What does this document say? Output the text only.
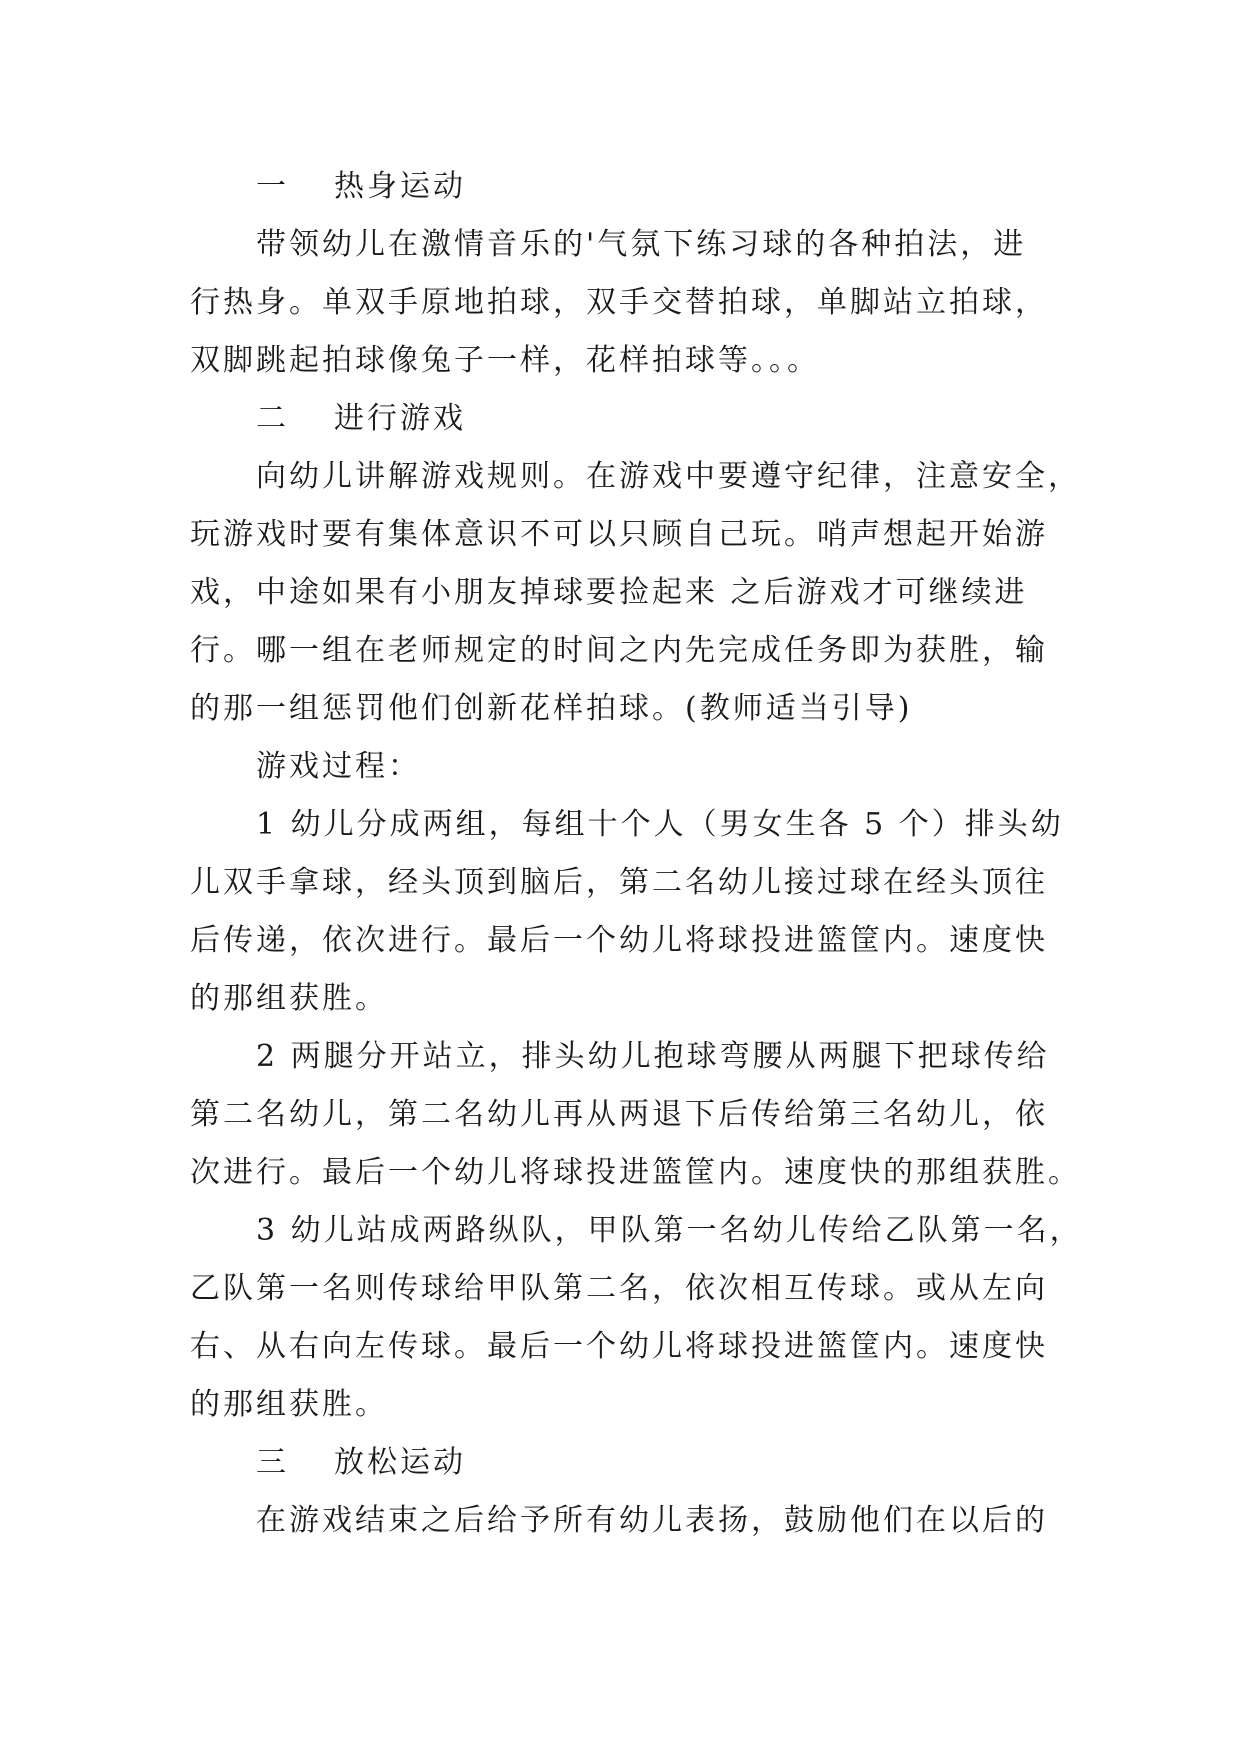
一 热身运动
带领幼儿在激情音乐的'气氛下练习球的各种拍法，进
行热身。单双手原地拍球，双手交替拍球，单脚站立拍球，
双脚跳起拍球像兔子一样，花样拍球等。。。
二 进行游戏
向幼儿讲解游戏规则。在游戏中要遵守纪律，注意安全，
玩游戏时要有集体意识不可以只顾自己玩。哨声想起开始游
戏，中途如果有小朋友掉球要捡起来 之后游戏才可继续进
行。哪一组在老师规定的时间之内先完成任务即为获胜，输
的那一组惩罚他们创新花样拍球。(教师适当引导)
游戏过程：
1 幼儿分成两组，每组十个人（男女生各 5 个）排头幼
儿双手拿球，经头顶到脑后，第二名幼儿接过球在经头顶往
后传递，依次进行。最后一个幼儿将球投进篮筐内。速度快
的那组获胜。
2 两腿分开站立，排头幼儿抱球弯腰从两腿下把球传给
第二名幼儿，第二名幼儿再从两退下后传给第三名幼儿，依
次进行。最后一个幼儿将球投进篮筐内。速度快的那组获胜。
3 幼儿站成两路纵队，甲队第一名幼儿传给乙队第一名，
乙队第一名则传球给甲队第二名，依次相互传球。或从左向
右、从右向左传球。最后一个幼儿将球投进篮筐内。速度快
的那组获胜。
三 放松运动
在游戏结束之后给予所有幼儿表扬，鼓励他们在以后的
